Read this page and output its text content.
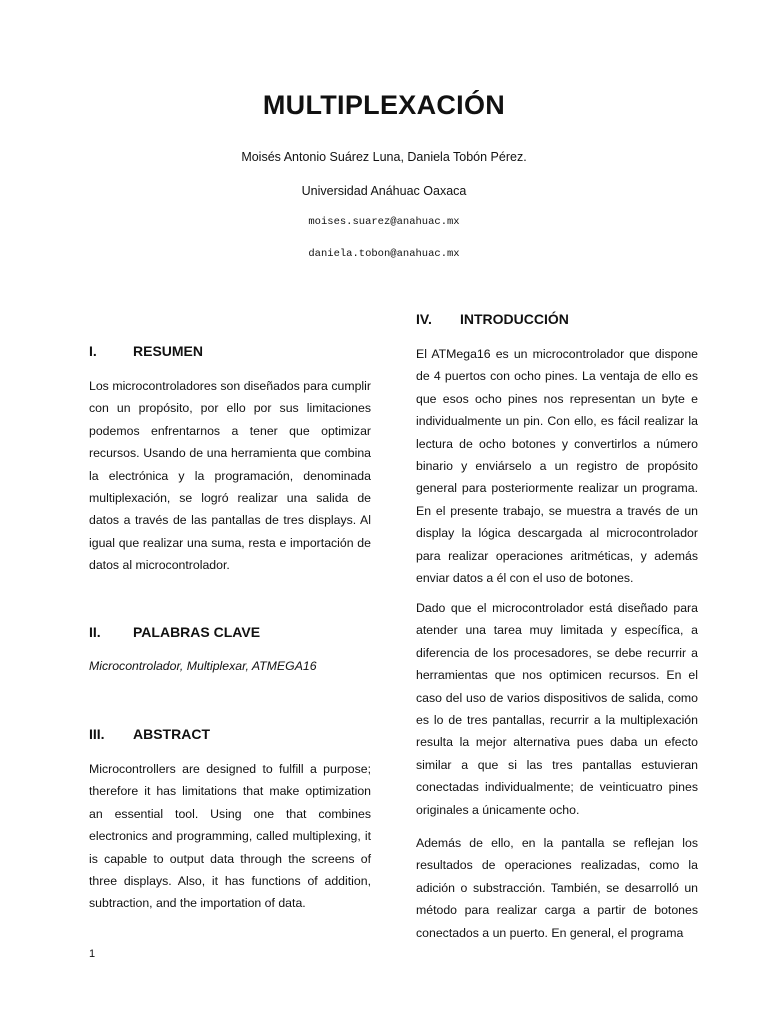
MULTIPLEXACIÓN
Moisés Antonio Suárez Luna, Daniela Tobón Pérez.
Universidad Anáhuac Oaxaca
moises.suarez@anahuac.mx
daniela.tobon@anahuac.mx
I.	RESUMEN

Los microcontroladores son diseñados para cumplir con un propósito, por ello por sus limitaciones podemos enfrentarnos a tener que optimizar recursos. Usando de una herramienta que combina la electrónica y la programación, denominada multiplexación, se logró realizar una salida de datos a través de las pantallas de tres displays. Al igual que realizar una suma, resta e importación de datos al microcontrolador.

II.	PALABRAS CLAVE

Microcontrolador, Multiplexar, ATMEGA16

III.	ABSTRACT

Microcontrollers are designed to fulfill a purpose; therefore it has limitations that make optimization an essential tool. Using one that combines electronics and programming, called multiplexing, it is capable to output data through the screens of three displays. Also, it has functions of addition, subtraction, and the importation of data.

IV.	INTRODUCCIÓN

El ATMega16 es un microcontrolador que dispone de 4 puertos con ocho pines. La ventaja de ello es que esos ocho pines nos representan un byte e individualmente un pin. Con ello, es fácil realizar la lectura de ocho botones y convertirlos a número binario y enviárselo a un registro de propósito general para posteriormente realizar un programa. En el presente trabajo, se muestra a través de un display la lógica descargada al microcontrolador para realizar operaciones aritméticas, y además enviar datos a él con el uso de botones.

Dado que el microcontrolador está diseñado para atender una tarea muy limitada y específica, a diferencia de los procesadores, se debe recurrir a herramientas que nos optimicen recursos. En el caso del uso de varios dispositivos de salida, como es lo de tres pantallas, recurrir a la multiplexación resulta la mejor alternativa pues daba un efecto similar a que si las tres pantallas estuvieran conectadas individualmente; de veinticuatro pines originales a únicamente ocho.

Además de ello, en la pantalla se reflejan los resultados de operaciones realizadas, como la adición o substracción. También, se desarrolló un método para realizar carga a partir de botones conectados a un puerto. En general, el programa

1
